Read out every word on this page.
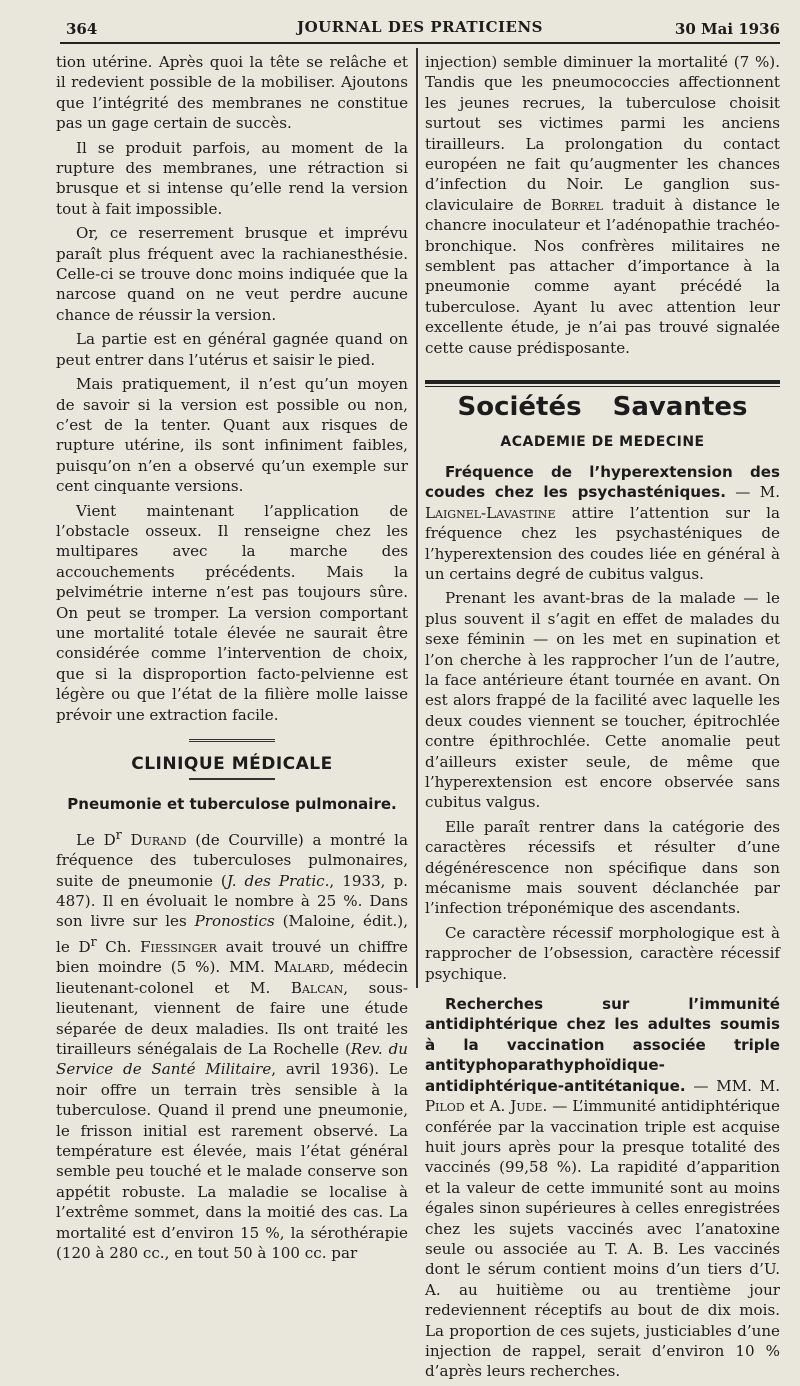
364	JOURNAL DES PRATICIENS	30 Mai 1936

tion utérine. Après quoi la tête se relâche et il redevient possible de la mobiliser. Ajoutons que l’intégrité des membranes ne constitue pas un gage certain de succès.

Il se produit parfois, au moment de la rupture des membranes, une rétraction si brusque et si intense qu’elle rend la version tout à fait impossible.

Or, ce reserrement brusque et imprévu paraît plus fréquent avec la rachianesthésie. Celle-ci se trouve donc moins indiquée que la narcose quand on ne veut perdre aucune chance de réussir la version.

La partie est en général gagnée quand on peut entrer dans l’utérus et saisir le pied.

Mais pratiquement, il n’est qu’un moyen de savoir si la version est possible ou non, c’est de la tenter. Quant aux risques de rupture utérine, ils sont infiniment faibles, puisqu’on n’en a observé qu’un exemple sur cent cinquante versions.

Vient maintenant l’application de l’obstacle osseux. Il renseigne chez les multipares avec la marche des accouchements précédents. Mais la pelvimétrie interne n’est pas toujours sûre. On peut se tromper. La version comportant une mortalité totale élevée ne saurait être considérée comme l’intervention de choix, que si la disproportion facto-pelvienne est légère ou que l’état de la filière molle laisse prévoir une extraction facile.

CLINIQUE MÉDICALE
Pneumonie et tuberculose pulmonaire.

Le $D^r$ Durand (de Courville) a montré la fréquence des tuberculoses pulmonaires, suite de pneumonie (J. des Pratic., 1933, p. 487). Il en évoluait le nombre à 25 %. Dans son livre sur les Pronostics (Maloine, édit.), le $D^r$ Ch. Fiessinger avait trouvé un chiffre bien moindre (5 %). MM. Malard, médecin lieutenant-colonel et M. Balcan, sous-lieutenant, viennent de faire une étude séparée de deux maladies. Ils ont traité les tirailleurs sénégalais de La Rochelle (Rev. du Service de Santé Militaire, avril 1936). Le noir offre un terrain très sensible à la tuberculose. Quand il prend une pneumonie, le frisson initial est rarement observé. La température est élevée, mais l’état général semble peu touché et le malade conserve son appétit robuste. La maladie se localise à l’extrême sommet, dans la moitié des cas. La mortalité est d’environ 15 %, la sérothérapie (120 à 280 cc., en tout 50 à 100 cc. par

injection) semble diminuer la mortalité (7 %). Tandis que les pneumococcies affectionnent les jeunes recrues, la tuberculose choisit surtout ses victimes parmi les anciens tirailleurs. La prolongation du contact européen ne fait qu’augmenter les chances d’infection du Noir. Le ganglion sus-claviculaire de Borrel traduit à distance le chancre inoculateur et l’adénopathie trachéo-bronchique. Nos confrères militaires ne semblent pas attacher d’importance à la pneumonie comme ayant précédé la tuberculose. Ayant lu avec attention leur excellente étude, je n’ai pas trouvé signalée cette cause prédisposante.

Sociétés Savantes
ACADEMIE DE MEDECINE

Fréquence de l’hyperextension des coudes chez les psychasténiques. — M. Laignel-Lavastine attire l’attention sur la fréquence chez les psychasténiques de l’hyperextension des coudes liée en général à un certains degré de cubitus valgus.

Prenant les avant-bras de la malade — le plus souvent il s’agit en effet de malades du sexe féminin — on les met en supination et l’on cherche à les rapprocher l’un de l’autre, la face antérieure étant tournée en avant. On est alors frappé de la facilité avec laquelle les deux coudes viennent se toucher, épitrochlée contre épithrochlée. Cette anomalie peut d’ailleurs exister seule, de même que l’hyperextension est encore observée sans cubitus valgus.

Elle paraît rentrer dans la catégorie des caractères récessifs et résulter d’une dégénérescence non spécifique dans son mécanisme mais souvent déclanchée par l’infection tréponémique des ascendants.

Ce caractère récessif morphologique est à rapprocher de l’obsession, caractère récessif psychique.

Recherches sur l’immunité antidiphtérique chez les adultes soumis à la vaccination associée triple antityphoparathyphoïdique-antidiphtérique-antitétanique. — MM. M. Pilod et A. Jude. — L’immunité antidiphtérique conférée par la vaccination triple est acquise huit jours après pour la presque totalité des vaccinés (99,58 %). La rapidité d’apparition et la valeur de cette immunité sont au moins égales sinon supérieures à celles enregistrées chez les sujets vaccinés avec l’anatoxine seule ou associée au T. A. B. Les vaccinés dont le sérum contient moins d’un tiers d’U. A. au huitième ou au trentième jour redeviennent réceptifs au bout de dix mois. La proportion de ces sujets, justiciables d’une injection de rappel, serait d’environ 10 % d’après leurs recherches.
